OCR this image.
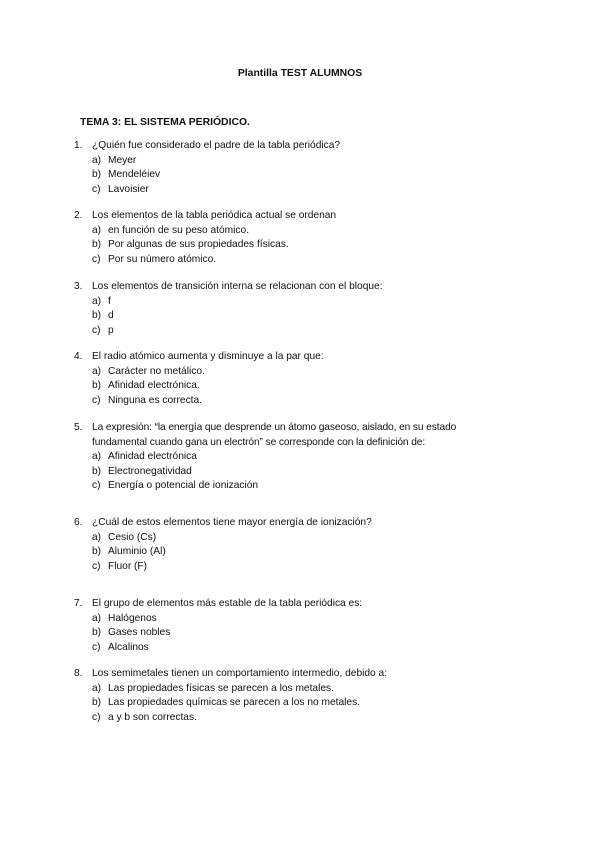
Plantilla TEST ALUMNOS
TEMA 3: EL SISTEMA PERIÓDICO.
1. ¿Quién fue considerado el padre de la tabla periódica?
a) Meyer
b) Mendeléiev
c) Lavoisier
2. Los elementos de la tabla periódica actual se ordenan
a) en función de su peso atómico.
b) Por algunas de sus propiedades físicas.
c) Por su número atómico.
3. Los elementos de transición interna se relacionan con el bloque:
a) f
b) d
c) p
4. El radio atómico aumenta y disminuye a la par que:
a) Carácter no metálico.
b) Afinidad electrónica.
c) Ninguna es correcta.
5. La expresión: “la energía que desprende un átomo gaseoso, aislado, en su estado
fundamental cuando gana un electrón” se corresponde con la definición de:
a) Afinidad electrónica
b) Electronegatividad
c) Energía o potencial de ionización
6. ¿Cuál de estos elementos tiene mayor energía de ionización?
a) Cesio (Cs)
b) Aluminio (Al)
c) Fluor (F)
7. El grupo de elementos más estable de la tabla periódica es:
a) Halógenos
b) Gases nobles
c) Alcalinos
8. Los semimetales tienen un comportamiento intermedio, debido a:
a) Las propiedades físicas se parecen a los metales.
b) Las propiedades químicas se parecen a los no metales.
c) a y b son correctas.
